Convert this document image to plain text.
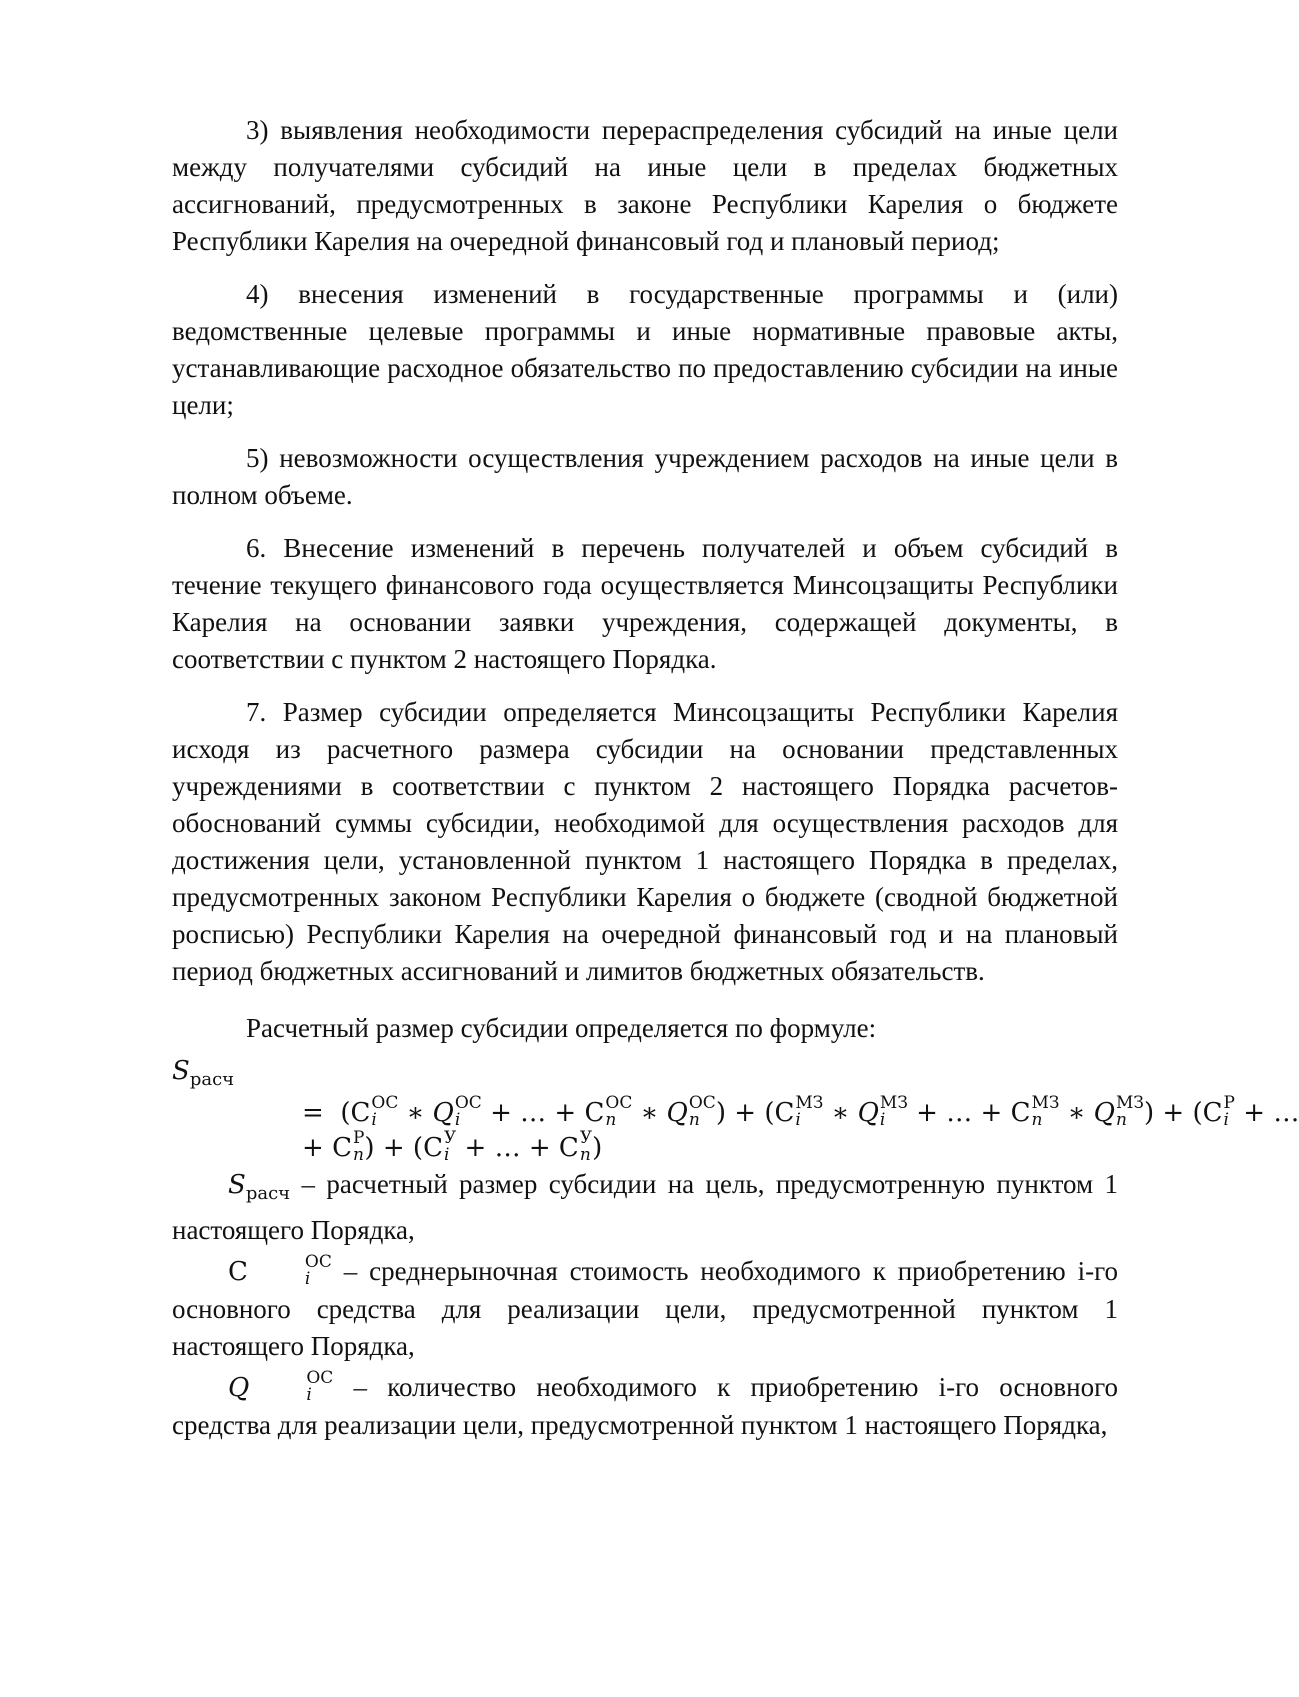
3) выявления необходимости перераспределения субсидий на иные цели между получателями субсидий на иные цели в пределах бюджетных ассигнований, предусмотренных в законе Республики Карелия о бюджете Республики Карелия на очередной финансовый год и плановый период;

4) внесения изменений в государственные программы и (или) ведомственные целевые программы и иные нормативные правовые акты, устанавливающие расходное обязательство по предоставлению субсидии на иные цели;

5) невозможности осуществления учреждением расходов на иные цели в полном объеме.

6. Внесение изменений в перечень получателей и объем субсидий в течение текущего финансового года осуществляется Минсоцзащиты Республики Карелия на основании заявки учреждения, содержащей документы, в соответствии с пунктом 2 настоящего Порядка.

7. Размер субсидии определяется Минсоцзащиты Республики Карелия исходя из расчетного размера субсидии на основании представленных учреждениями в соответствии с пунктом 2 настоящего Порядка расчетов-обоснований суммы субсидии, необходимой для осуществления расходов для достижения цели, установленной пунктом 1 настоящего Порядка в пределах, предусмотренных законом Республики Карелия о бюджете (сводной бюджетной росписью) Республики Карелия на очередной финансовый год и на плановый период бюджетных ассигнований и лимитов бюджетных обязательств.

Расчетный размер субсидии определяется по формуле:

$S_{расч}$
= (С ОС
i	∗ Q ОС
i	+ … + С ОС
n ∗ Q ОС
n ) + (С МЗ
i	∗ Q МЗ
i	+ … + С МЗ
n ∗ Q МЗ
n ) + (С Р
i + …
+ С Р
n ) + (С У
i + … + С У
n )

$S_{расч}$ – расчетный размер субсидии на цель, предусмотренную пунктом 1 настоящего Порядка,

С	ОС
i	– среднерыночная стоимость необходимого к приобретению i-го основного средства для реализации цели, предусмотренной пунктом 1 настоящего Порядка,

Q	ОС
i	– количество необходимого к приобретению i-го основного средства для реализации цели, предусмотренной пунктом 1 настоящего Порядка,
